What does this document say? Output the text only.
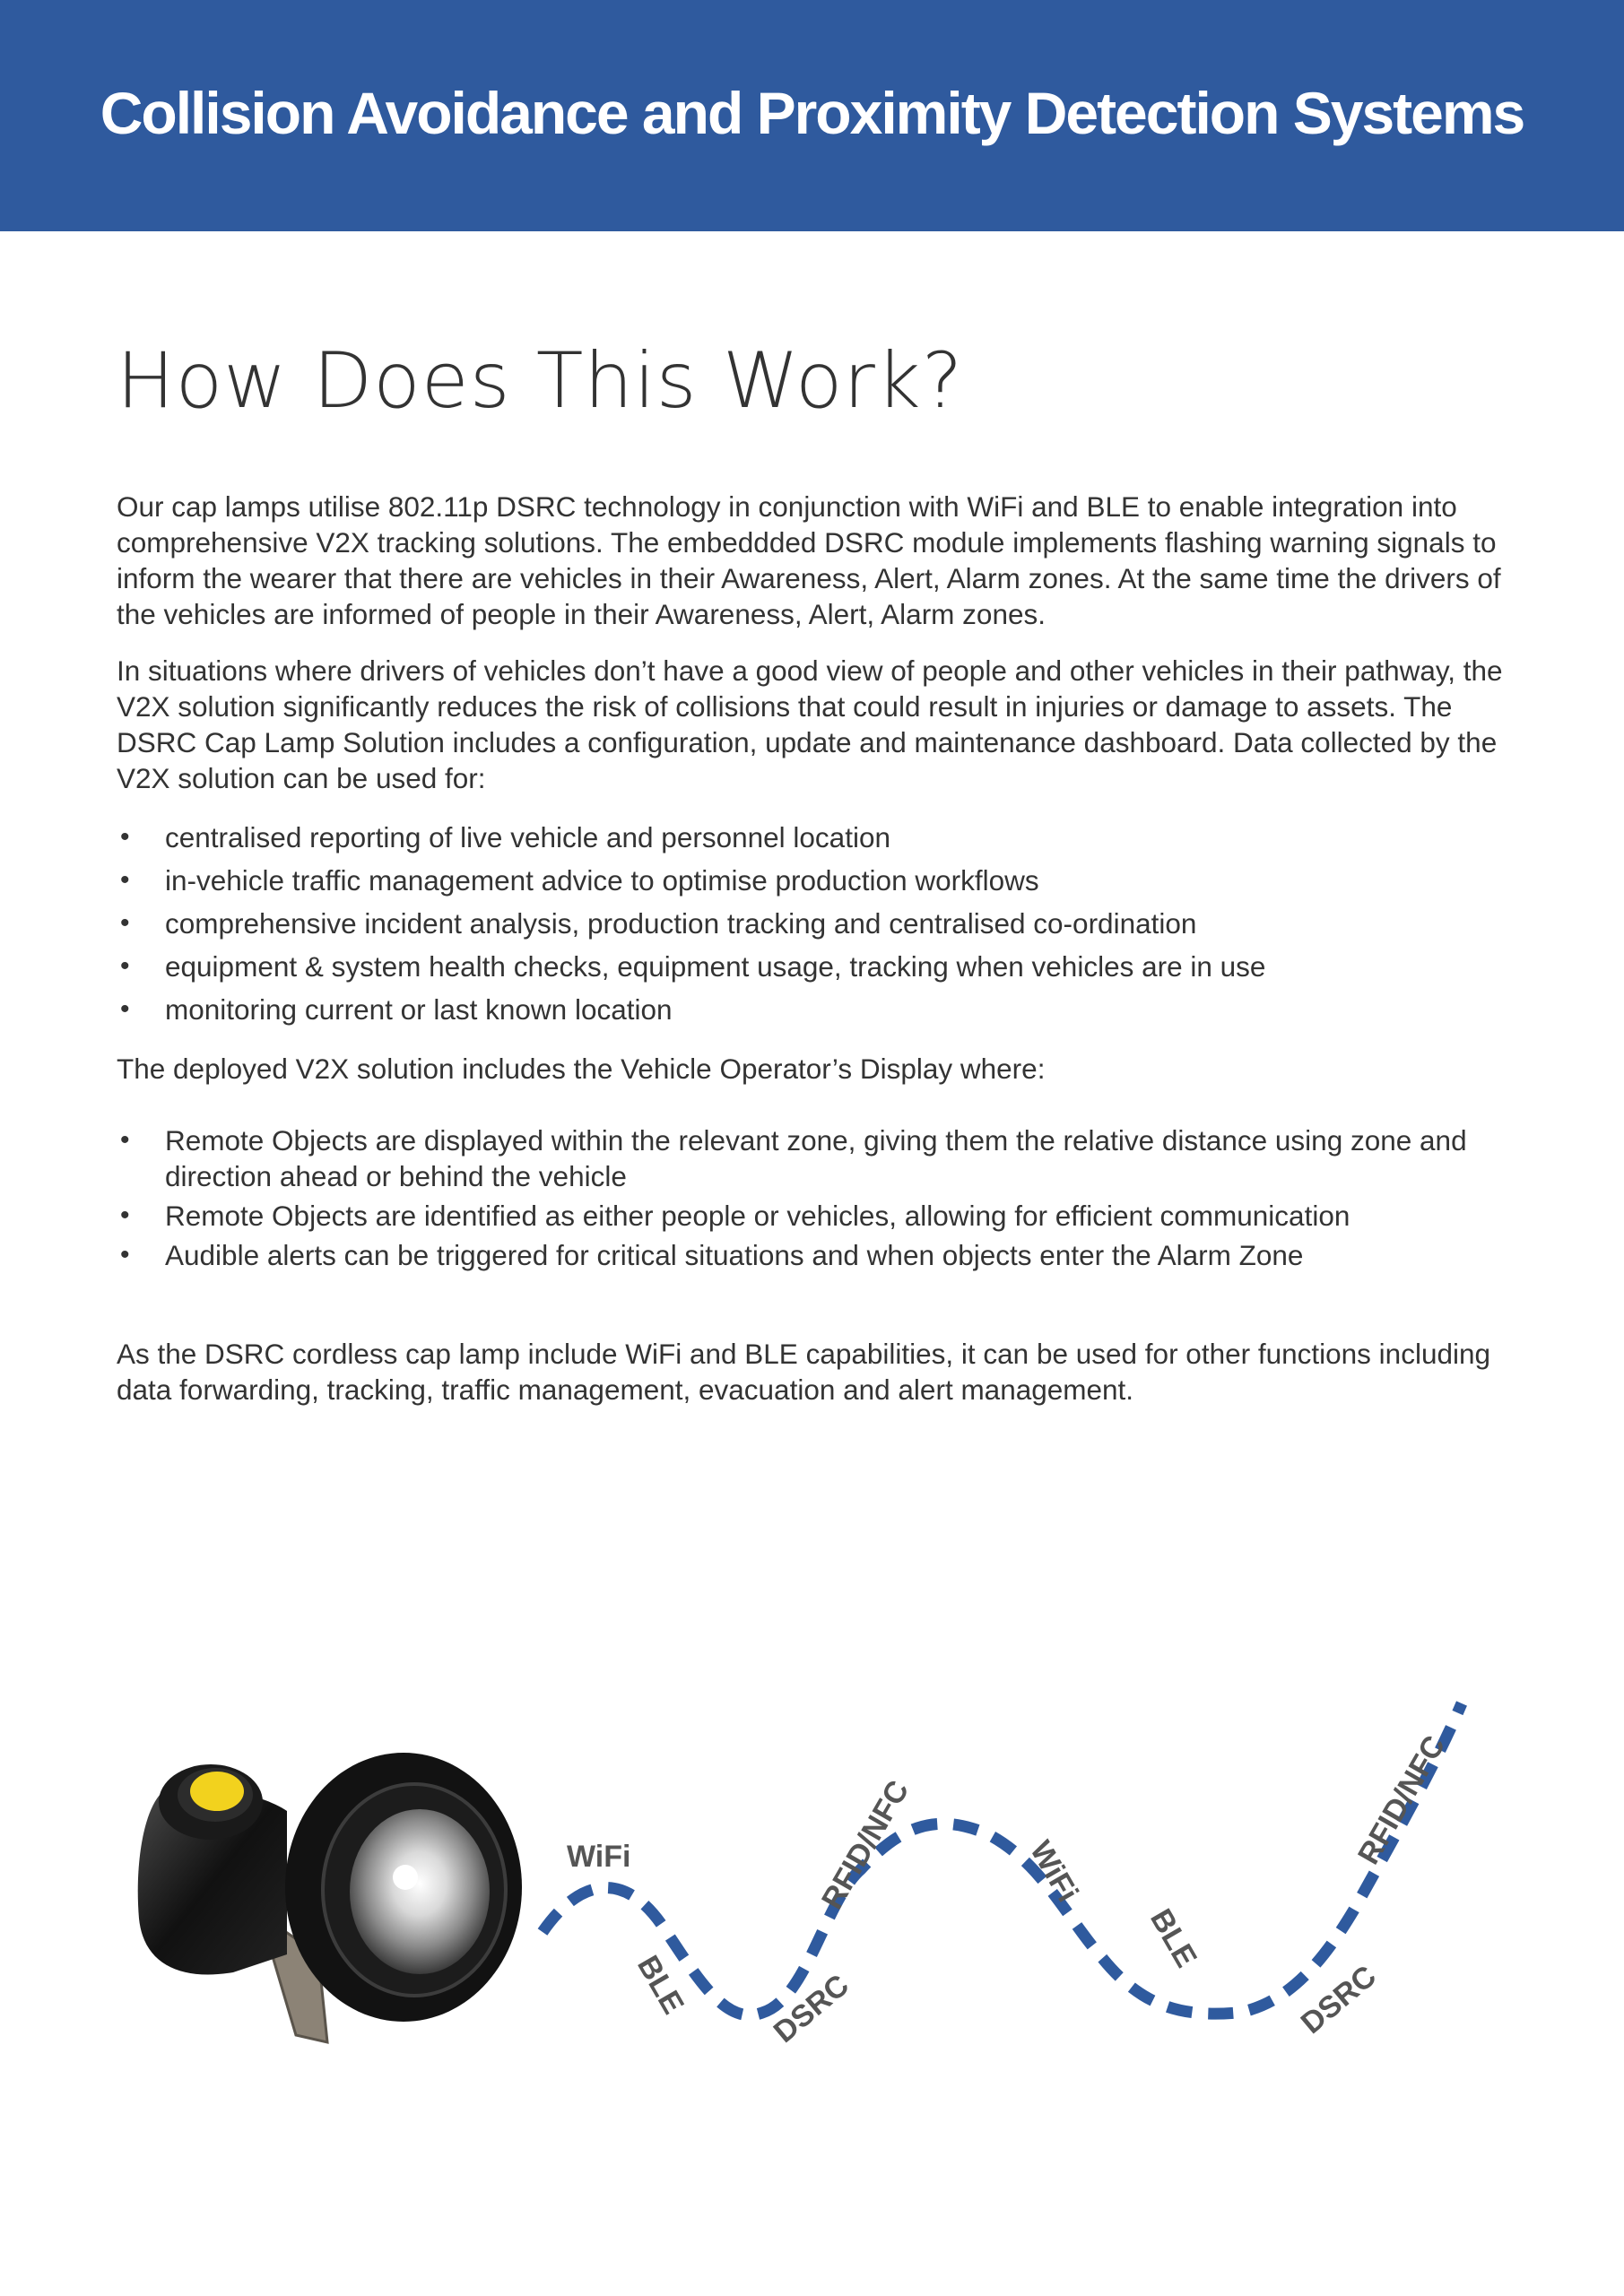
Collision Avoidance and Proximity Detection Systems
How Does This Work?

Our cap lamps utilise 802.11p DSRC technology in conjunction with WiFi and BLE to enable integration into comprehensive V2X tracking solutions. The embeddded DSRC module implements flashing warning signals to inform the wearer that there are vehicles in their Awareness, Alert, Alarm zones. At the same time the drivers of the vehicles are informed of people in their Awareness, Alert, Alarm zones.

In situations where drivers of vehicles don’t have a good view of people and other vehicles in their pathway, the V2X solution significantly reduces the risk of collisions that could result in injuries or damage to assets. The DSRC Cap Lamp Solution includes a configuration, update and maintenance dashboard. Data collected by the V2X solution can be used for:

• centralised reporting of live vehicle and personnel location
• in-vehicle traffic management advice to optimise production workflows
• comprehensive incident analysis, production tracking and centralised co-ordination
• equipment & system health checks, equipment usage, tracking when vehicles are in use
• monitoring current or last known location

The deployed V2X solution includes the Vehicle Operator’s Display where:

• Remote Objects are displayed within the relevant zone, giving them the relative distance using zone and direction ahead or behind the vehicle
• Remote Objects are identified as either people or vehicles, allowing for efficient communication
• Audible alerts can be triggered for critical situations and when objects enter the Alarm Zone

As the DSRC cordless cap lamp include WiFi and BLE capabilities, it can be used for other functions including data forwarding, tracking, traffic management, evacuation and alert management.

WiFi
BLE	DSRC
RFID/NFC	WiFi
BLE
DSRC
RFID/NFC
